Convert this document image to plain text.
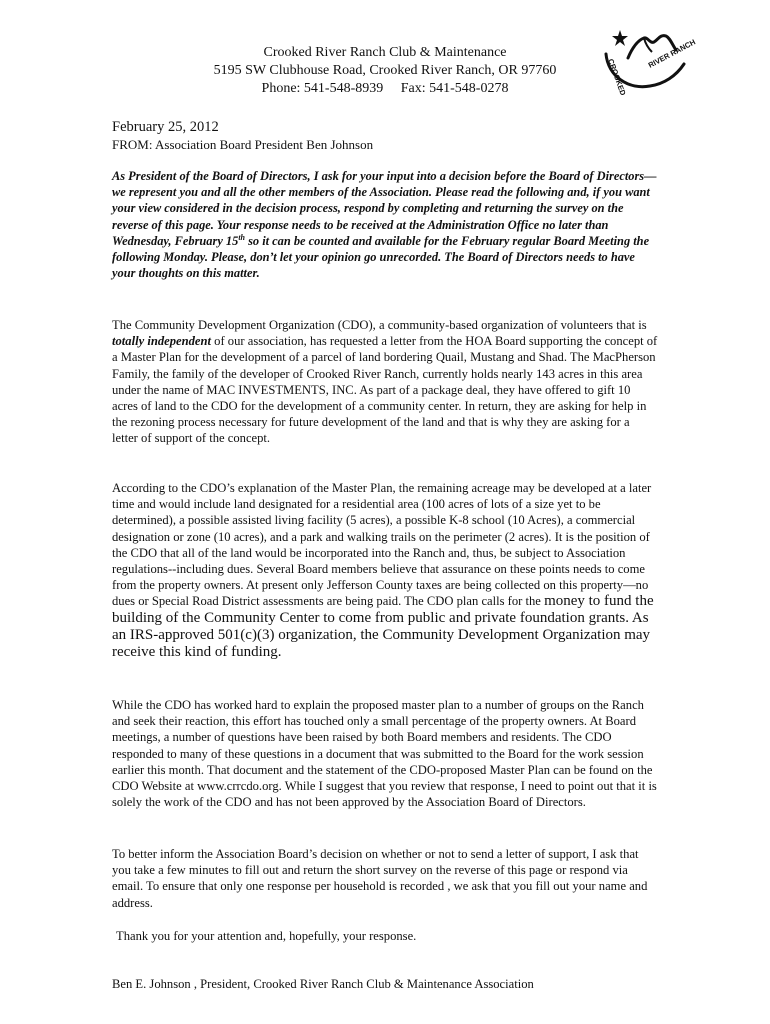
Crooked River Ranch Club & Maintenance
5195 SW Clubhouse Road, Crooked River Ranch, OR 97760
Phone: 541-548-8939     Fax: 541-548-0278	CROOKED
RIVER RANCH
February 25, 2012
FROM: Association Board President Ben Johnson

As President of the Board of Directors, I ask for your input into a decision before the Board of Directors—we represent you and all the other members of the Association. Please read the following and, if you want your view considered in the decision process, respond by completing and returning the survey on the reverse of this page. Your response needs to be received at the Administration Office no later than Wednesday, February 15th so it can be counted and available for the February regular Board Meeting the following Monday. Please, don’t let your opinion go unrecorded. The Board of Directors needs to have your thoughts on this matter.

The Community Development Organization (CDO), a community-based organization of volunteers that is totally independent of our association, has requested a letter from the HOA Board supporting the concept of a Master Plan for the development of a parcel of land bordering Quail, Mustang and Shad. The MacPherson Family, the family of the developer of Crooked River Ranch, currently holds nearly 143 acres in this area under the name of MAC INVESTMENTS, INC. As part of a package deal, they have offered to gift 10 acres of land to the CDO for the development of a community center. In return, they are asking for help in the rezoning process necessary for future development of the land and that is why they are asking for a letter of support of the concept.

According to the CDO’s explanation of the Master Plan, the remaining acreage may be developed at a later time and would include land designated for a residential area (100 acres of lots of a size yet to be determined), a possible assisted living facility (5 acres), a possible K-8 school (10 Acres), a commercial designation or zone (10 acres), and a park and walking trails on the perimeter (2 acres). It is the position of the CDO that all of the land would be incorporated into the Ranch and, thus, be subject to Association regulations--including dues. Several Board members believe that assurance on these points needs to come from the property owners. At present only Jefferson County taxes are being collected on this property—no dues or Special Road District assessments are being paid. The CDO plan calls for the money to fund the building of the Community Center to come from public and private foundation grants. As an IRS-approved 501(c)(3) organization, the Community Development Organization may receive this kind of funding.

While the CDO has worked hard to explain the proposed master plan to a number of groups on the Ranch and seek their reaction, this effort has touched only a small percentage of the property owners. At Board meetings, a number of questions have been raised by both Board members and residents. The CDO responded to many of these questions in a document that was submitted to the Board for the work session earlier this month. That document and the statement of the CDO-proposed Master Plan can be found on the CDO Website at www.crrcdo.org. While I suggest that you review that response, I need to point out that it is solely the work of the CDO and has not been approved by the Association Board of Directors.

To better inform the Association Board’s decision on whether or not to send a letter of support, I ask that you take a few minutes to fill out and return the short survey on the reverse of this page or respond via email. To ensure that only one response per household is recorded , we ask that you fill out your name and address.

Thank you for your attention and, hopefully, your response.
Ben E. Johnson , President, Crooked River Ranch Club & Maintenance Association
